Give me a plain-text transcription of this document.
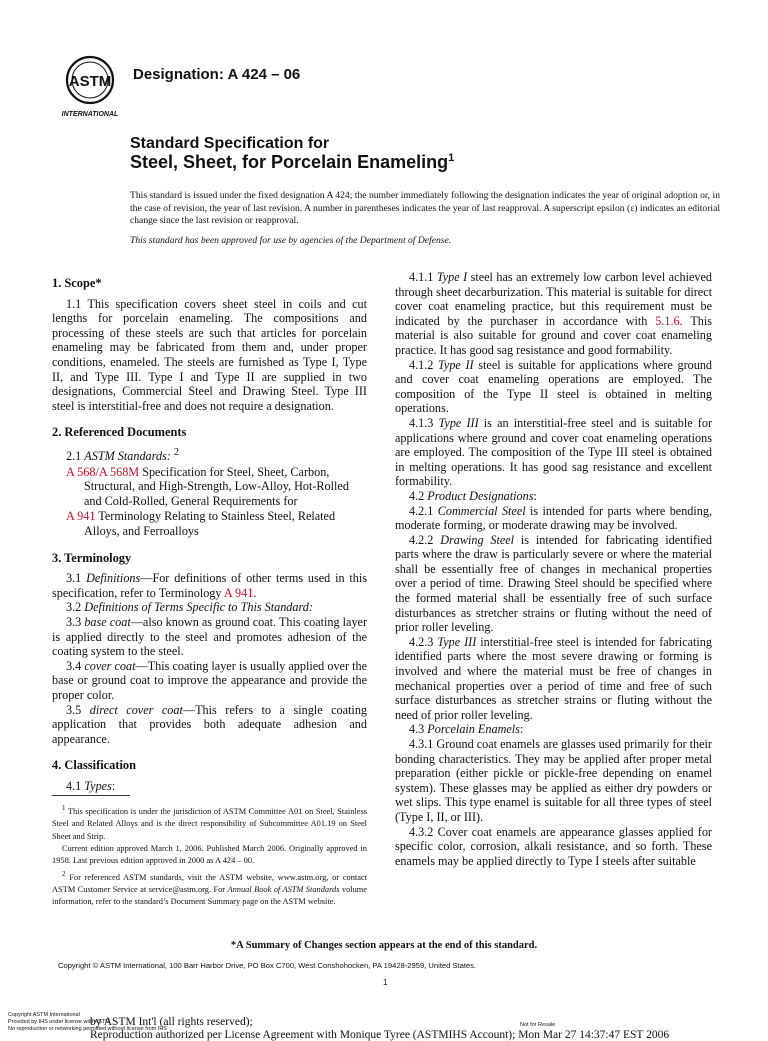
ASTM
INTERNATIONAL
Designation: A 424 – 06
Standard Specification for
Steel, Sheet, for Porcelain Enameling$^1$
This standard is issued under the fixed designation A 424; the number immediately following the designation indicates the year of original adoption or, in the case of revision, the year of last revision. A number in parentheses indicates the year of last reapproval. A superscript epsilon (ε) indicates an editorial change since the last revision or reapproval.
This standard has been approved for use by agencies of the Department of Defense.

1. Scope*

1.1 This specification covers sheet steel in coils and cut lengths for porcelain enameling. The compositions and processing of these steels are such that articles for porcelain enameling may be fabricated from them and, under proper conditions, enameled. The steels are furnished as Type I, Type II, and Type III. Type I and Type II are supplied in two designations, Commercial Steel and Drawing Steel. Type III steel is interstitial-free and does not require a designation.

2. Referenced Documents

2.1 ASTM Standards: $^2$

A 568/A 568M Specification for Steel, Sheet, Carbon, Structural, and High-Strength, Low-Alloy, Hot-Rolled and Cold-Rolled, General Requirements for

A 941 Terminology Relating to Stainless Steel, Related Alloys, and Ferroalloys

3. Terminology

3.1 Definitions—For definitions of other terms used in this specification, refer to Terminology A 941.

3.2 Definitions of Terms Specific to This Standard:

3.3 base coat—also known as ground coat. This coating layer is applied directly to the steel and promotes adhesion of the coating system to the steel.

3.4 cover coat—This coating layer is usually applied over the base or ground coat to improve the appearance and provide the proper color.

3.5 direct cover coat—This refers to a single coating application that provides both adequate adhesion and appearance.

4. Classification

4.1 Types:

4.1.1 Type I steel has an extremely low carbon level achieved through sheet decarburization. This material is suitable for direct cover coat enameling practice, but this requirement must be indicated by the purchaser in accordance with 5.1.6. This material is also suitable for ground and cover coat enameling practice. It has good sag resistance and good formability.

4.1.2 Type II steel is suitable for applications where ground and cover coat enameling operations are employed. The composition of the Type II steel is obtained in melting operations.

4.1.3 Type III is an interstitial-free steel and is suitable for applications where ground and cover coat enameling operations are employed. The composition of the Type III steel is obtained in melting operations. It has good sag resistance and excellent formability.

4.2 Product Designations:

4.2.1 Commercial Steel is intended for parts where bending, moderate forming, or moderate drawing may be involved.

4.2.2 Drawing Steel is intended for fabricating identified parts where the draw is particularly severe or where the material shall be essentially free of changes in mechanical properties over a period of time. Drawing Steel should be specified where the formed material shall be essentially free of such surface disturbances as stretcher strains or fluting without the need of prior roller leveling.

4.2.3 Type III interstitial-free steel is intended for fabricating identified parts where the most severe drawing or forming is involved and where the material must be free of changes in mechanical properties over a period of time and free of such surface disturbances as stretcher strains or fluting without the need of prior roller leveling.

4.3 Porcelain Enamels:

4.3.1 Ground coat enamels are glasses used primarily for their bonding characteristics. They may be applied after proper metal preparation (either pickle or pickle-free depending on enamel system). These glasses may be applied as either dry powders or wet slips. This type enamel is suitable for all three types of steel (Type I, II, or III).

4.3.2 Cover coat enamels are appearance glasses applied for specific color, corrosion, alkali resistance, and so forth. These enamels may be applied directly to Type I steels after suitable

$^1$ This specification is under the jurisdiction of ASTM Committee A01 on Steel, Stainless Steel and Related Alloys and is the direct responsibility of Subcommittee A01.19 on Steel Sheet and Strip.

Current edition approved March 1, 2006. Published March 2006. Originally approved in 1958. Last previous edition approved in 2000 as A 424 – 00.

$^2$ For referenced ASTM standards, visit the ASTM website, www.astm.org, or contact ASTM Customer Service at service@astm.org. For Annual Book of ASTM Standards volume information, refer to the standard’s Document Summary page on the ASTM website.

*A Summary of Changes section appears at the end of this standard.
Copyright © ASTM International, 100 Barr Harbor Drive, PO Box C700, West Conshohocken, PA 19428-2959, United States.
1
Copyright ASTM International
Provided by IHS under license with ASTM
No reproduction or networking permitted without license from IHS
Not for Resale
by ASTM Int'l (all rights reserved);
Reproduction authorized per License Agreement with Monique Tyree (ASTMIHS Account); Mon Mar 27 14:37:47 EST 2006
